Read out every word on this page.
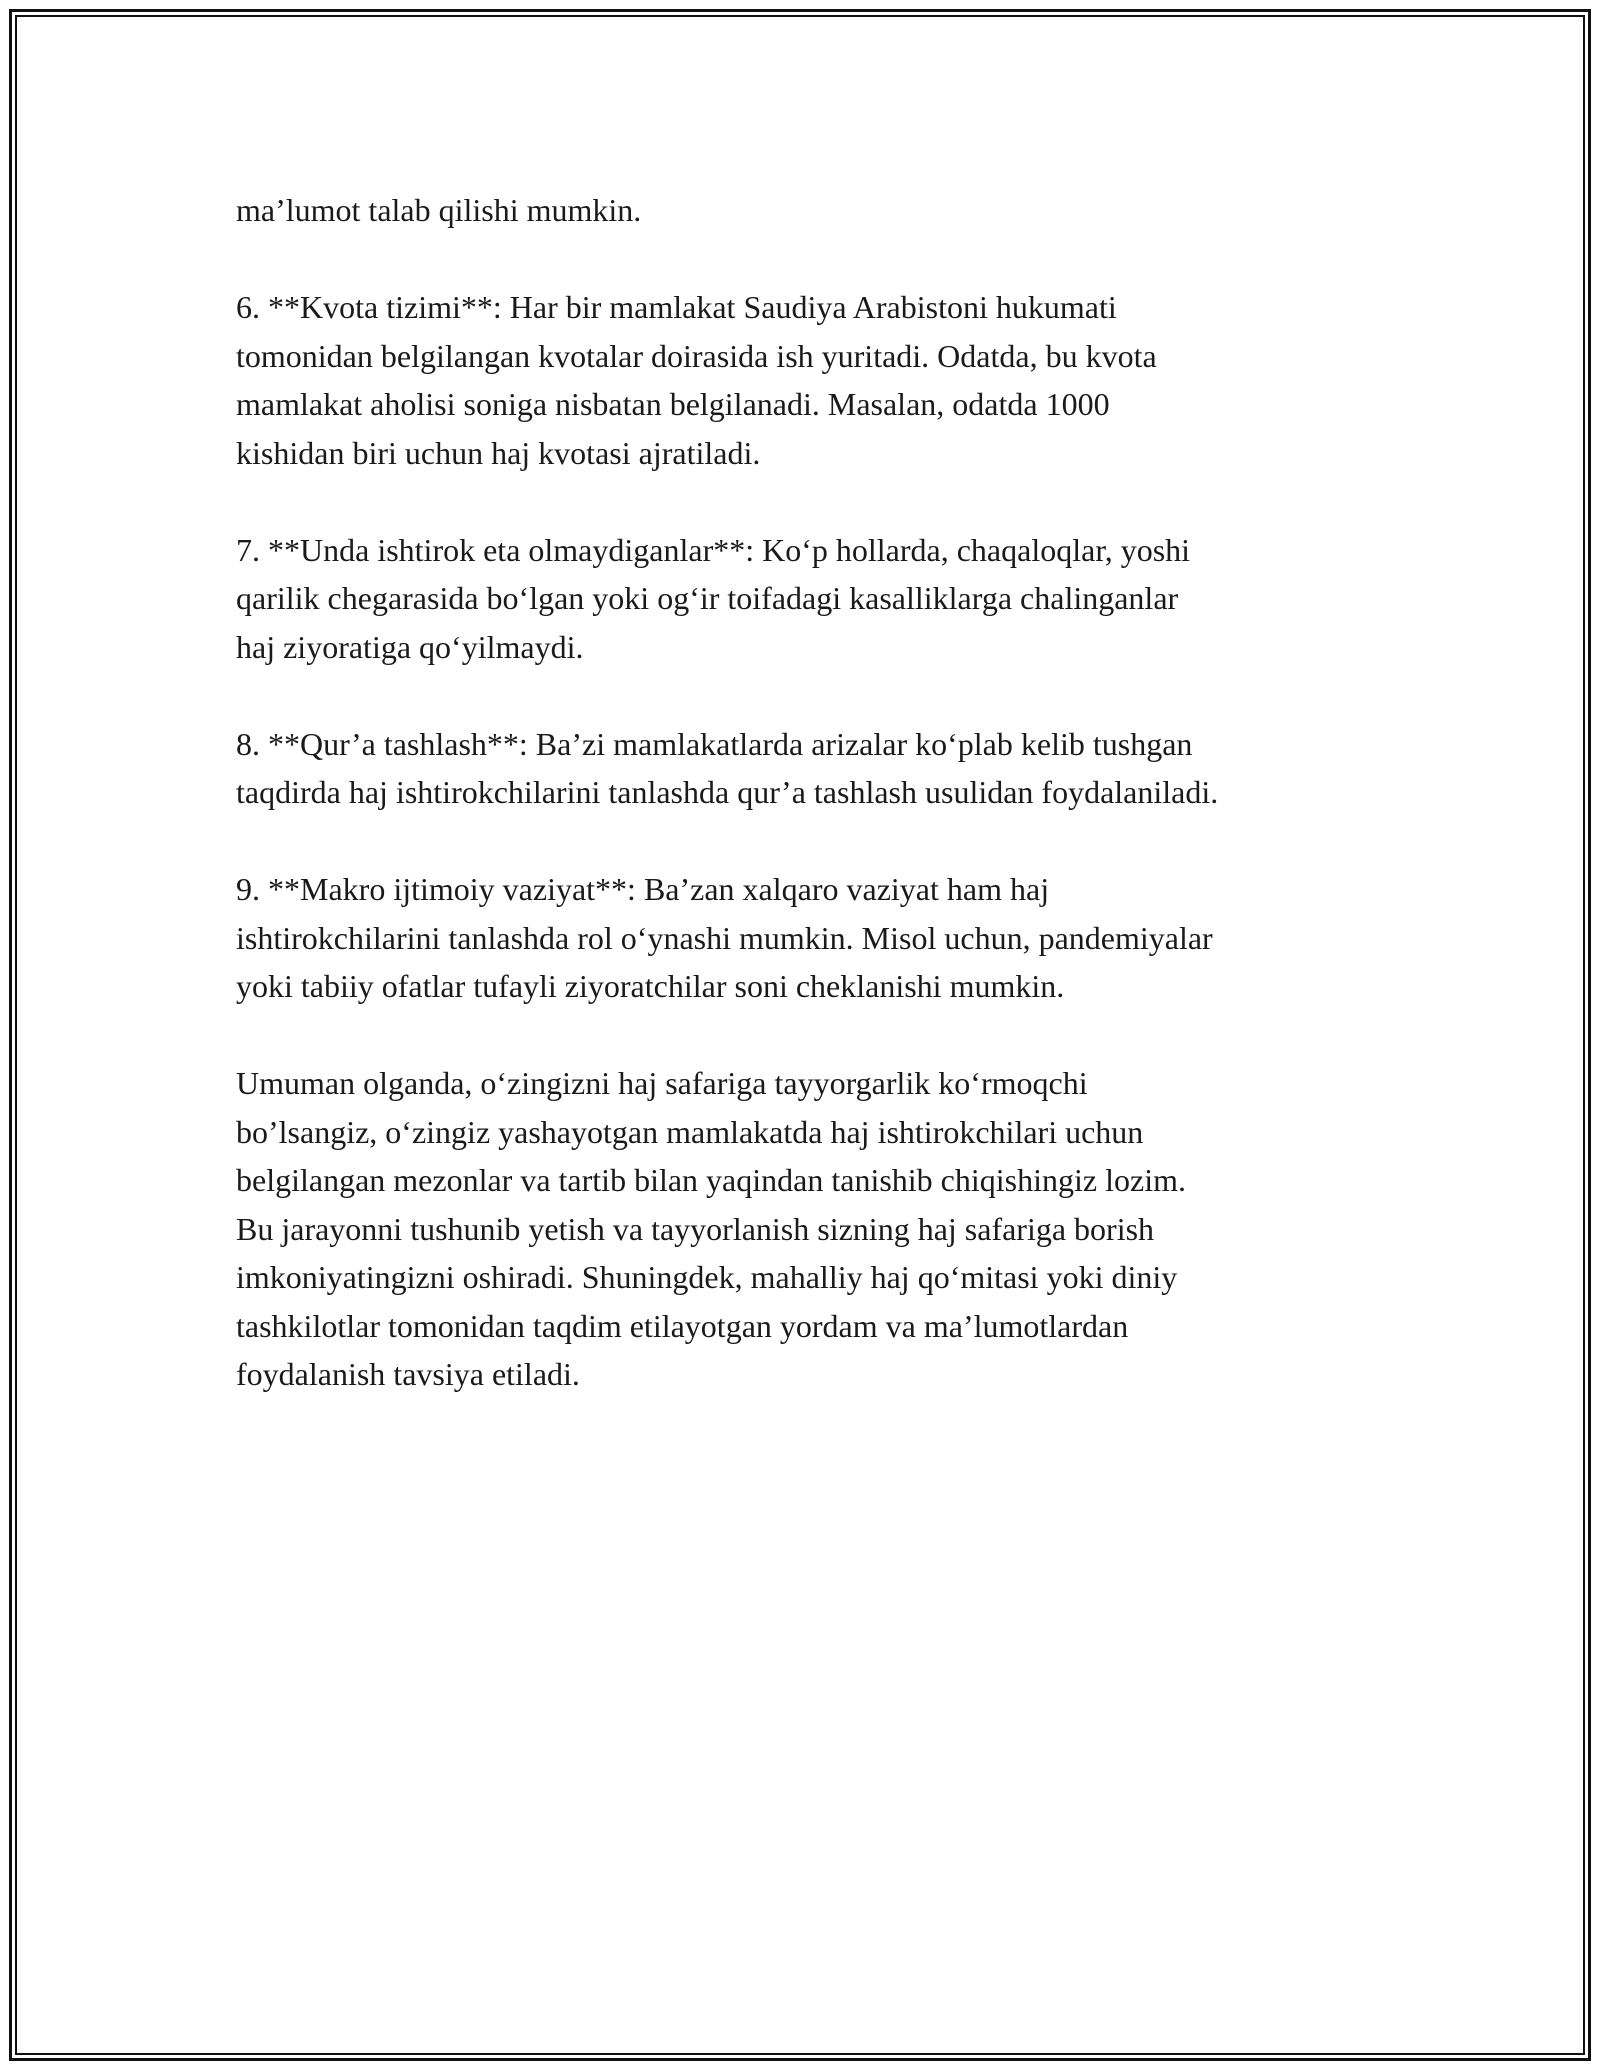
ma’lumot talab qilishi mumkin.

6. **Kvota tizimi**: Har bir mamlakat Saudiya Arabistoni hukumati
tomonidan belgilangan kvotalar doirasida ish yuritadi. Odatda, bu kvota
mamlakat aholisi soniga nisbatan belgilanadi. Masalan, odatda 1000
kishidan biri uchun haj kvotasi ajratiladi.

7. **Unda ishtirok eta olmaydiganlar**: Ko‘p hollarda, chaqaloqlar, yoshi
qarilik chegarasida bo‘lgan yoki og‘ir toifadagi kasalliklarga chalinganlar
haj ziyoratiga qo‘yilmaydi.

8. **Qur’a tashlash**: Ba’zi mamlakatlarda arizalar ko‘plab kelib tushgan
taqdirda haj ishtirokchilarini tanlashda qur’a tashlash usulidan foydalaniladi.

9. **Makro ijtimoiy vaziyat**: Ba’zan xalqaro vaziyat ham haj
ishtirokchilarini tanlashda rol o‘ynashi mumkin. Misol uchun, pandemiyalar
yoki tabiiy ofatlar tufayli ziyoratchilar soni cheklanishi mumkin.

Umuman olganda, o‘zingizni haj safariga tayyorgarlik ko‘rmoqchi
bo’lsangiz, o‘zingiz yashayotgan mamlakatda haj ishtirokchilari uchun
belgilangan mezonlar va tartib bilan yaqindan tanishib chiqishingiz lozim.
Bu jarayonni tushunib yetish va tayyorlanish sizning haj safariga borish
imkoniyatingizni oshiradi. Shuningdek, mahalliy haj qo‘mitasi yoki diniy
tashkilotlar tomonidan taqdim etilayotgan yordam va ma’lumotlardan
foydalanish tavsiya etiladi.
